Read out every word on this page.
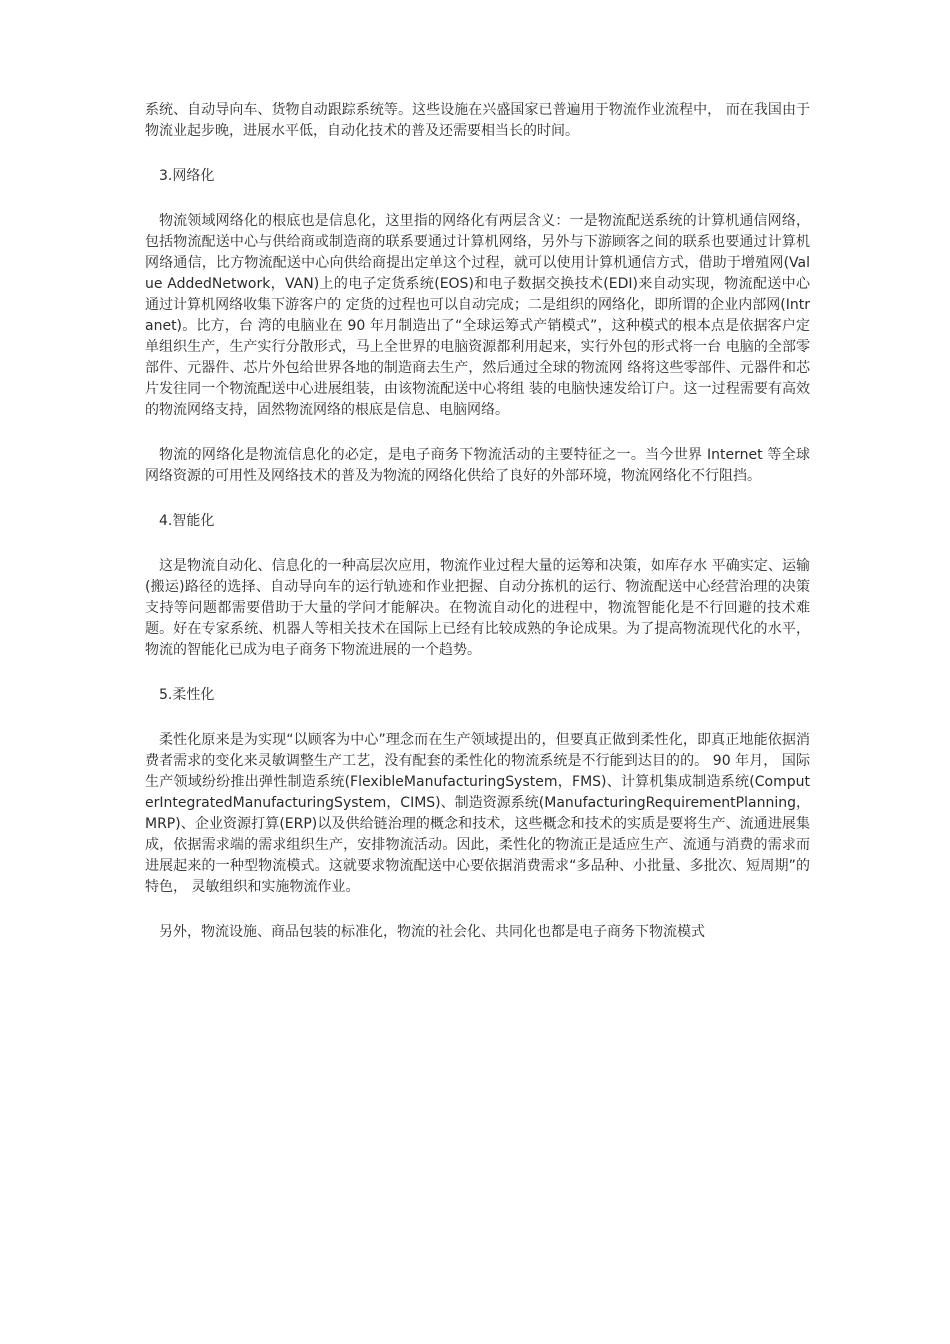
系统、自动导向车、货物自动跟踪系统等。这些设施在兴盛国家已普遍用于物流作业流程中， 而在我国由于物流业起步晚，进展水平低，自动化技术的普及还需要相当长的时间。

3.网络化

物流领域网络化的根底也是信息化，这里指的网络化有两层含义：一是物流配送系统的计算机通信网络，包括物流配送中心与供给商或制造商的联系要通过计算机网络，另外与下游顾客之间的联系也要通过计算机网络通信，比方物流配送中心向供给商提出定单这个过程，就可以使用计算机通信方式，借助于增殖网(Value AddedNetwork，VAN)上的电子定货系统(EOS)和电子数据交换技术(EDI)来自动实现，物流配送中心通过计算机网络收集下游客户的 定货的过程也可以自动完成；二是组织的网络化，即所谓的企业内部网(Intranet)。比方，台 湾的电脑业在 90 年月制造出了“全球运筹式产销模式”，这种模式的根本点是依据客户定单组织生产，生产实行分散形式，马上全世界的电脑资源都利用起来，实行外包的形式将一台 电脑的全部零部件、元器件、芯片外包给世界各地的制造商去生产，然后通过全球的物流网 络将这些零部件、元器件和芯片发往同一个物流配送中心进展组装，由该物流配送中心将组 装的电脑快速发给订户。这一过程需要有高效的物流网络支持，固然物流网络的根底是信息、电脑网络。

物流的网络化是物流信息化的必定，是电子商务下物流活动的主要特征之一。当今世界 Internet 等全球网络资源的可用性及网络技术的普及为物流的网络化供给了良好的外部环境，物流网络化不行阻挡。

4.智能化

这是物流自动化、信息化的一种高层次应用，物流作业过程大量的运筹和决策，如库存水 平确实定、运输(搬运)路径的选择、自动导向车的运行轨迹和作业把握、自动分拣机的运行、物流配送中心经营治理的决策支持等问题都需要借助于大量的学问才能解决。在物流自动化的进程中，物流智能化是不行回避的技术难题。好在专家系统、机器人等相关技术在国际上已经有比较成熟的争论成果。为了提高物流现代化的水平，物流的智能化已成为电子商务下物流进展的一个趋势。

5.柔性化

柔性化原来是为实现“以顾客为中心”理念而在生产领域提出的，但要真正做到柔性化，即真正地能依据消费者需求的变化来灵敏调整生产工艺，没有配套的柔性化的物流系统是不行能到达目的的。 90 年月， 国际生产领域纷纷推出弹性制造系统(FlexibleManufacturingSystem，FMS)、计算机集成制造系统(ComputerIntegratedManufacturingSystem，CIMS)、制造资源系统(ManufacturingRequirementPlanning，MRP)、企业资源打算(ERP)以及供给链治理的概念和技术，这些概念和技术的实质是要将生产、流通进展集成，依据需求端的需求组织生产，安排物流活动。因此，柔性化的物流正是适应生产、流通与消费的需求而进展起来的一种型物流模式。这就要求物流配送中心要依据消费需求“多品种、小批量、多批次、短周期”的特色， 灵敏组织和实施物流作业。

另外，物流设施、商品包装的标准化，物流的社会化、共同化也都是电子商务下物流模式
